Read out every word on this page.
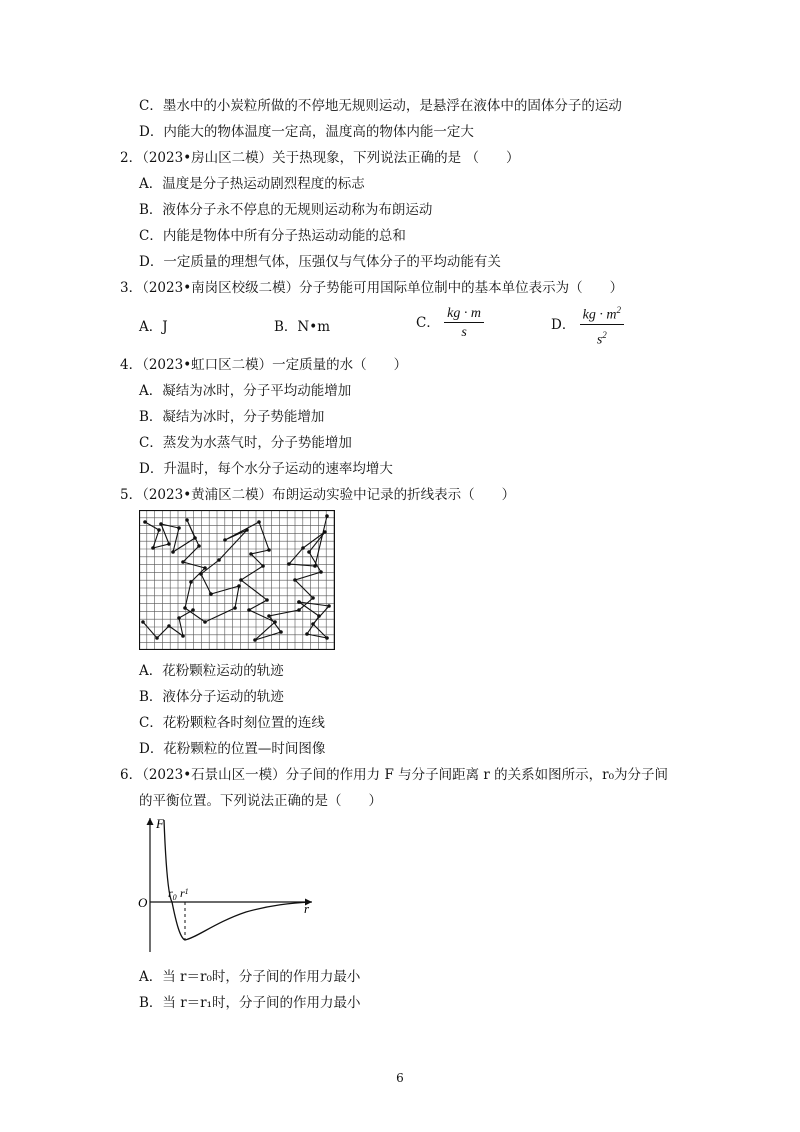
C．墨水中的小炭粒所做的不停地无规则运动，是悬浮在液体中的固体分子的运动
D．内能大的物体温度一定高，温度高的物体内能一定大
2．（2023•房山区二模）关于热现象，下列说法正确的是 （　　）
A．温度是分子热运动剧烈程度的标志
B．液体分子永不停息的无规则运动称为布朗运动
C．内能是物体中所有分子热运动动能的总和
D．一定质量的理想气体，压强仅与气体分子的平均动能有关
3．（2023•南岗区校级二模）分子势能可用国际单位制中的基本单位表示为（　　）
A．J	B．N•m	C． $\frac{kg \cdot m}{s}$	D． $\frac{kg \cdot m^2}{s^2}$
4．（2023•虹口区二模）一定质量的水（　　）
A．凝结为冰时，分子平均动能增加
B．凝结为冰时，分子势能增加
C．蒸发为水蒸气时，分子势能增加
D．升温时，每个水分子运动的速率均增大
5．（2023•黄浦区二模）布朗运动实验中记录的折线表示（　　）
A．花粉颗粒运动的轨迹
B．液体分子运动的轨迹
C．花粉颗粒各时刻位置的连线
D．花粉颗粒的位置—时间图像
6．（2023•石景山区一模）分子间的作用力 F 与分子间距离 r 的关系如图所示，r₀为分子间
的平衡位置。下列说法正确的是（　　）
F
r
O
$r_0$ $r^1$
A．当 r＝r₀时，分子间的作用力最小
B．当 r＝r₁时，分子间的作用力最小
6
